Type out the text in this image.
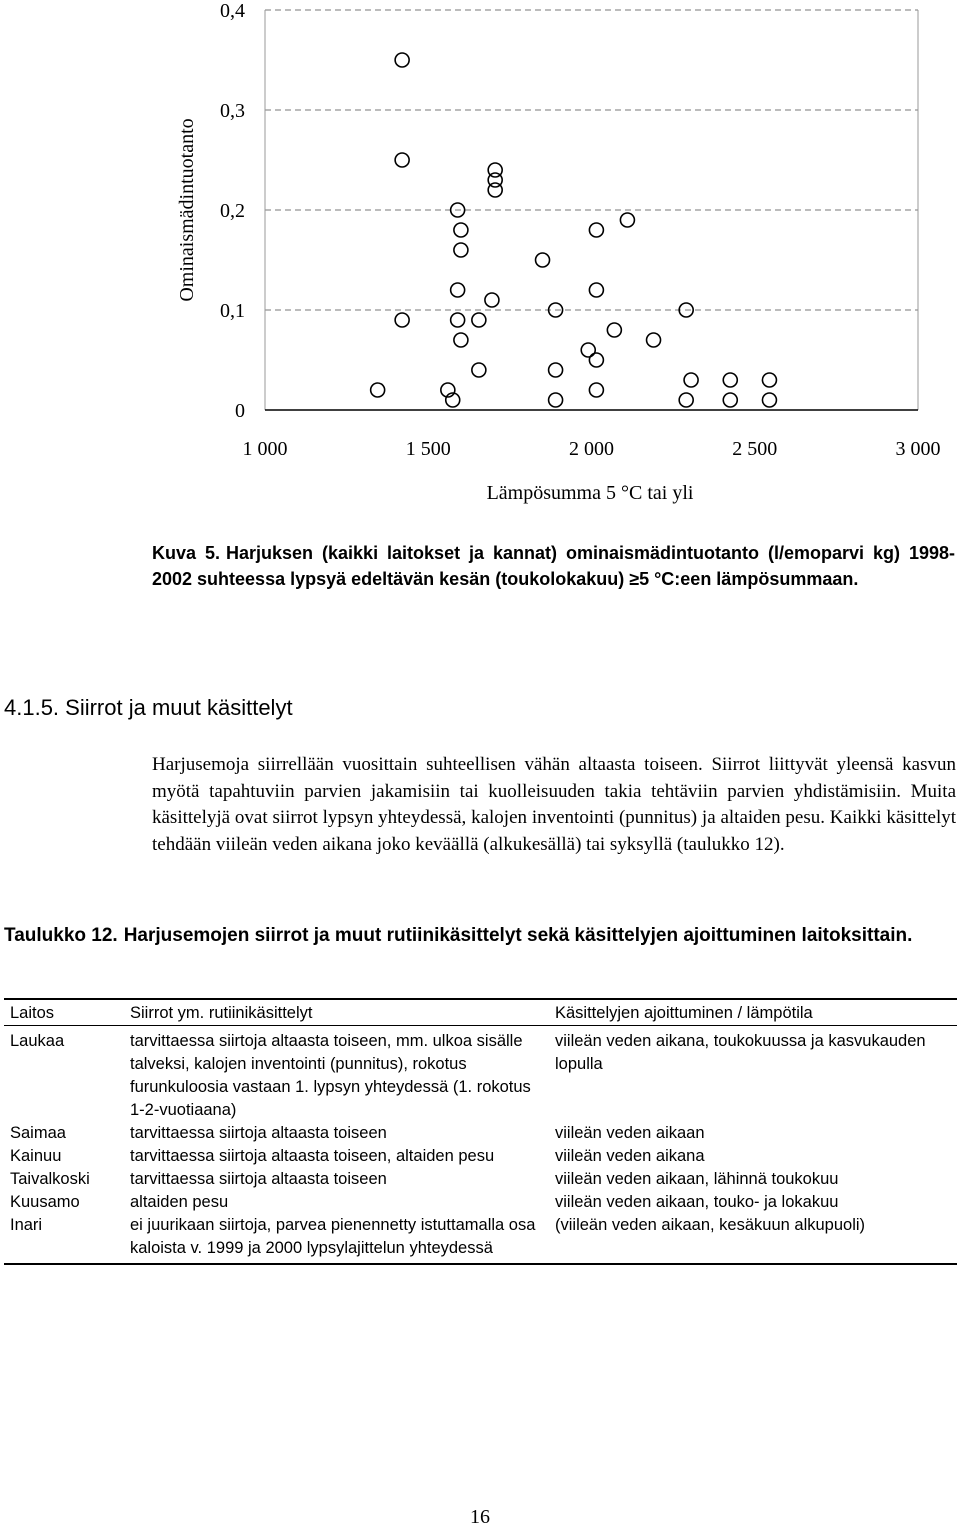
0
0,1
0,2
0,3
0,4
1 000	1 500	2 000	2 500	3 000
Ominaismädintuotanto
Lämpösumma 5 °C tai yli
Kuva 5. Harjuksen (kaikki laitokset ja kannat) ominaismädintuotanto (l/emoparvi kg) 1998-2002 suhteessa lypsyä edeltävän kesän (toukolokakuu) ≥5 °C:een lämpösummaan.
4.1.5. Siirrot ja muut käsittelyt

Harjusemoja siirrellään vuosittain suhteellisen vähän altaasta toiseen. Siirrot liittyvät yleensä kasvun myötä tapahtuviin parvien jakamisiin tai kuolleisuuden takia tehtäviin parvien yhdistämisiin. Muita käsittelyjä ovat siirrot lypsyn yhteydessä, kalojen inventointi (punnitus) ja altaiden pesu. Kaikki käsittelyt tehdään viileän veden aikana joko keväällä (alkukesällä) tai syksyllä (taulukko 12).

Taulukko 12. Harjusemojen siirrot ja muut rutiinikäsittelyt sekä käsittelyjen ajoittuminen laitoksittain.
Laitos	Siirrot ym. rutiinikäsittelyt	Käsittelyjen ajoittuminen / lämpötila
Laukaa	tarvittaessa siirtoja altaasta toiseen, mm. ulkoa sisälle talveksi, kalojen inventointi (punnitus), rokotus furunkuloosia vastaan 1. lypsyn yhteydessä (1. rokotus 1-2-vuotiaana)	viileän veden aikana, toukokuussa ja kasvukauden lopulla
Saimaa	tarvittaessa siirtoja altaasta toiseen	viileän veden aikaan
Kainuu	tarvittaessa siirtoja altaasta toiseen, altaiden pesu	viileän veden aikana
Taivalkoski	tarvittaessa siirtoja altaasta toiseen	viileän veden aikaan, lähinnä toukokuu
Kuusamo	altaiden pesu	viileän veden aikaan, touko- ja lokakuu
Inari	ei juurikaan siirtoja, parvea pienennetty istuttamalla osa kaloista v. 1999 ja 2000 lypsylajittelun yhteydessä	(viileän veden aikaan, kesäkuun alkupuoli)
16
